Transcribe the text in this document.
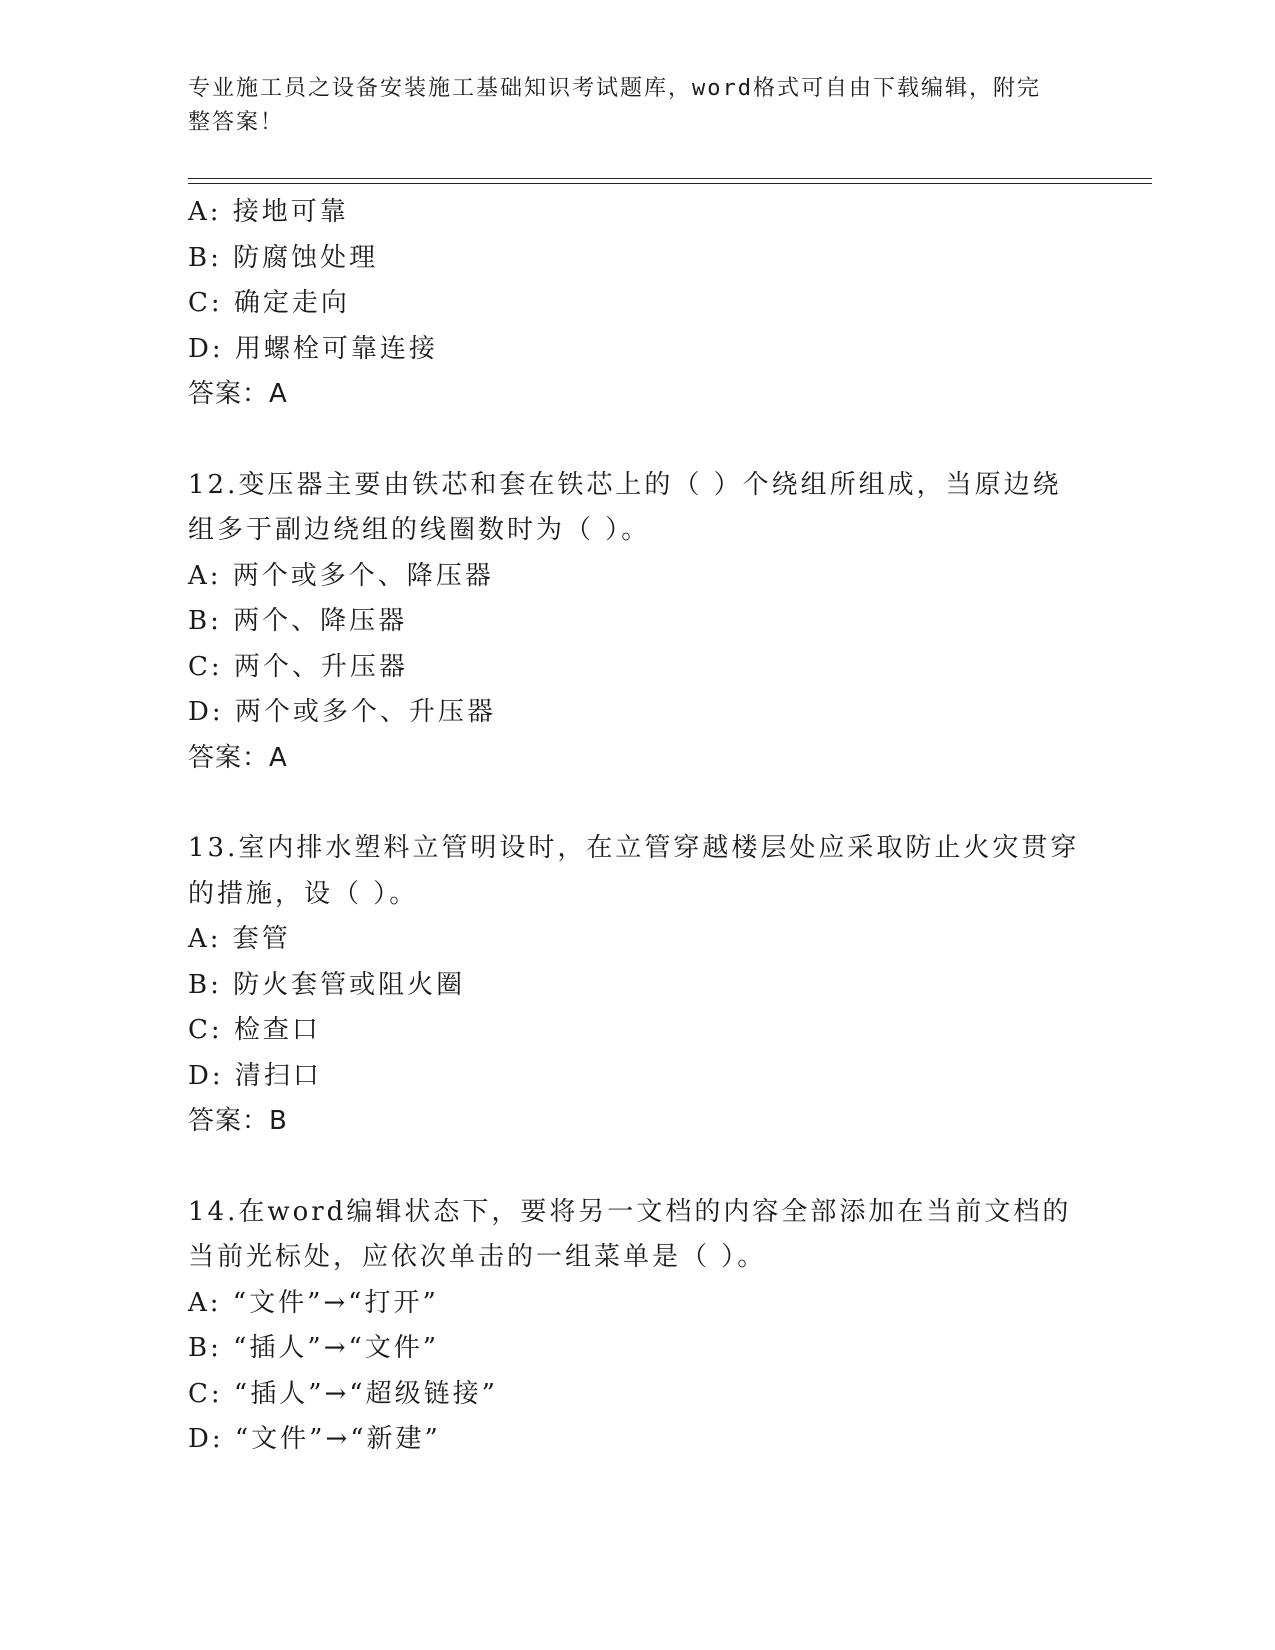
专业施工员之设备安装施工基础知识考试题库，word格式可自由下载编辑，附完
整答案！
A: 接地可靠
B: 防腐蚀处理
C: 确定走向
D: 用螺栓可靠连接
答案：A
12.变压器主要由铁芯和套在铁芯上的（ ）个绕组所组成，当原边绕
组多于副边绕组的线圈数时为（ ）。
A: 两个或多个、降压器
B: 两个、降压器
C: 两个、升压器
D: 两个或多个、升压器
答案：A
13.室内排水塑料立管明设时，在立管穿越楼层处应采取防止火灾贯穿
的措施，设（ ）。
A: 套管
B: 防火套管或阻火圈
C: 检查口
D: 清扫口
答案：B
14.在word编辑状态下，要将另一文档的内容全部添加在当前文档的
当前光标处，应依次单击的一组菜单是（ ）。
A: “文件”→“打开”
B: “插人”→“文件”
C: “插人”→“超级链接”
D: “文件”→“新建”
